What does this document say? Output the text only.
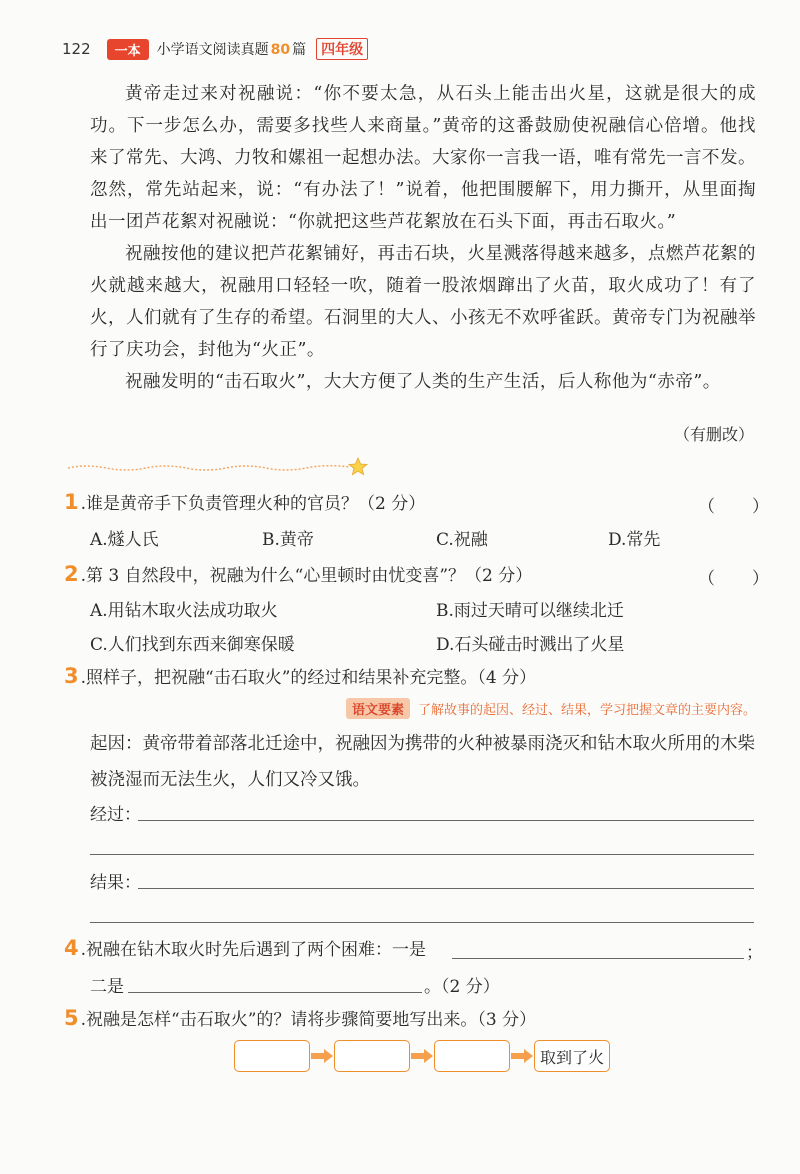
122	一本	小学语文阅读真题 80 篇	四年级

黄帝走过来对祝融说：“你不要太急，从石头上能击出火星，这就是很大的成功。下一步怎么办，需要多找些人来商量。”黄帝的这番鼓励使祝融信心倍增。他找来了常先、大鸿、力牧和嫘祖一起想办法。大家你一言我一语，唯有常先一言不发。忽然，常先站起来，说：“有办法了！”说着，他把围腰解下，用力撕开，从里面掏出一团芦花絮对祝融说：“你就把这些芦花絮放在石头下面，再击石取火。”

祝融按他的建议把芦花絮铺好，再击石块，火星溅落得越来越多，点燃芦花絮的火就越来越大，祝融用口轻轻一吹，随着一股浓烟蹿出了火苗，取火成功了！有了火，人们就有了生存的希望。石洞里的大人、小孩无不欢呼雀跃。黄帝专门为祝融举行了庆功会，封他为“火正”。

祝融发明的“击石取火”，大大方便了人类的生产生活，后人称他为“赤帝”。

（有删改）
1 .谁是黄帝手下负责管理火种的官员？（2 分）	（　　）
A.燧人氏	B.黄帝	C.祝融	D.常先
2 .第 3 自然段中，祝融为什么“心里顿时由忧变喜”？（2 分）	（　　）
A.用钻木取火法成功取火	B.雨过天晴可以继续北迁
C.人们找到东西来御寒保暖	D.石头碰击时溅出了火星
3 .照样子，把祝融“击石取火”的经过和结果补充完整。（4 分）
语文要素	了解故事的起因、经过、结果，学习把握文章的主要内容。

起因：黄帝带着部落北迁途中，祝融因为携带的火种被暴雨浇灭和钻木取火所用的木柴被浇湿而无法生火，人们又冷又饿。

经过：
结果：
4 .祝融在钻木取火时先后遇到了两个困难：一是	；
二是	。（2 分）
5 .祝融是怎样“击石取火”的？请将步骤简要地写出来。（3 分）
取到了火
